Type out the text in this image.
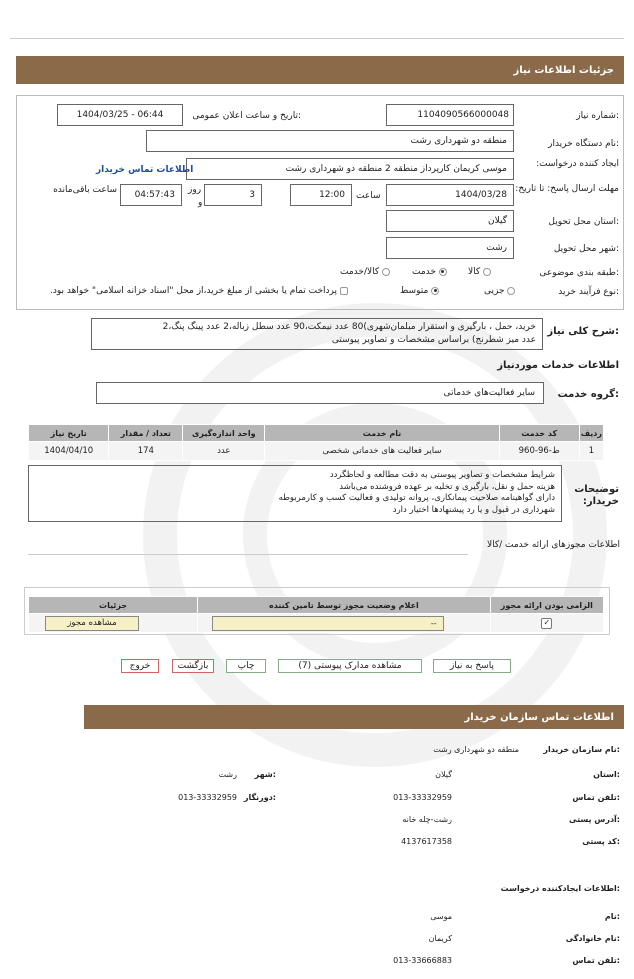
جزئیات اطلاعات نیاز
شماره نیاز:
1104090566000048
تاریخ و ساعت اعلان عمومی:
1404/03/25 - 06:44
نام دستگاه خریدار:
منطقه دو شهرداری رشت
ایجاد کننده درخواست:
موسی کریمان کارپرداز منطقه 2 منطقه دو شهرداری رشت
اطلاعات تماس خریدار
مهلت ارسال پاسخ: تا تاریخ:
1404/03/28
ساعت
12:00
3
روز
و
04:57:43
ساعت باقی‌مانده
استان محل تحویل:
گیلان
شهر محل تحویل:
رشت
طبقه بندی موضوعی:
کالا
خدمت
کالا/خدمت
نوع فرآیند خرید:
جزیی
متوسط
پرداخت تمام یا بخشی از مبلغ خرید،از محل "اسناد خزانه اسلامی" خواهد بود.
شرح کلی نیاز:
خرید، حمل ، بارگیری و استقرار مبلمان‌شهری)80 عدد نیمکت،90 عدد سطل زباله،2 عدد پینگ پنگ،2
عدد میز شطرنج) براساس مشخصات و تصاویر پیوستی
اطلاعات خدمات موردنیاز
گروه خدمت:
سایر فعالیت‌های خدماتی
ردیف	کد خدمت	نام خدمت	واحد اندازه‌گیری	تعداد / مقدار	تاریخ نیاز
1	ط-96-960	سایر فعالیت های خدماتی شخصی	عدد	174	1404/04/10
توضیحات خریدار:
شرایط مشخصات و تصاویر پیوستی به دقت مطالعه و لحاظگردد
هزینه حمل و نقل، بارگیری و تخلیه بر عهده فروشنده می‌باشد
دارای گواهینامه صلاحیت پیمانکاری، پروانه تولیدی و فعالیت کسب و کارمربوطه
شهرداری در قبول و یا رد پیشنهادها اختیار دارد
اطلاعات مجوزهای ارائه خدمت /کالا
الزامی بودن ارائه مجوز	اعلام وضعیت مجوز توسط تامین کننده	جزئیات
✓	--	مشاهده مجوز
پاسخ به نیاز
مشاهده مدارک پیوستی (7)
چاپ
بازگشت
خروج
اطلاعات تماس سازمان خریدار
نام سازمان خریدار:
منطقه دو شهرداری رشت
استان:
گیلان
شهر:
رشت
تلفن تماس:
013-33332959
دورنگار:
013-33332959
آدرس پستی:
رشت-چله خانه
کد پستی:
4137617358
اطلاعات ایجادکننده درخواست:
نام:
موسی
نام خانوادگی:
کریمان
تلفن تماس:
013-33666883
